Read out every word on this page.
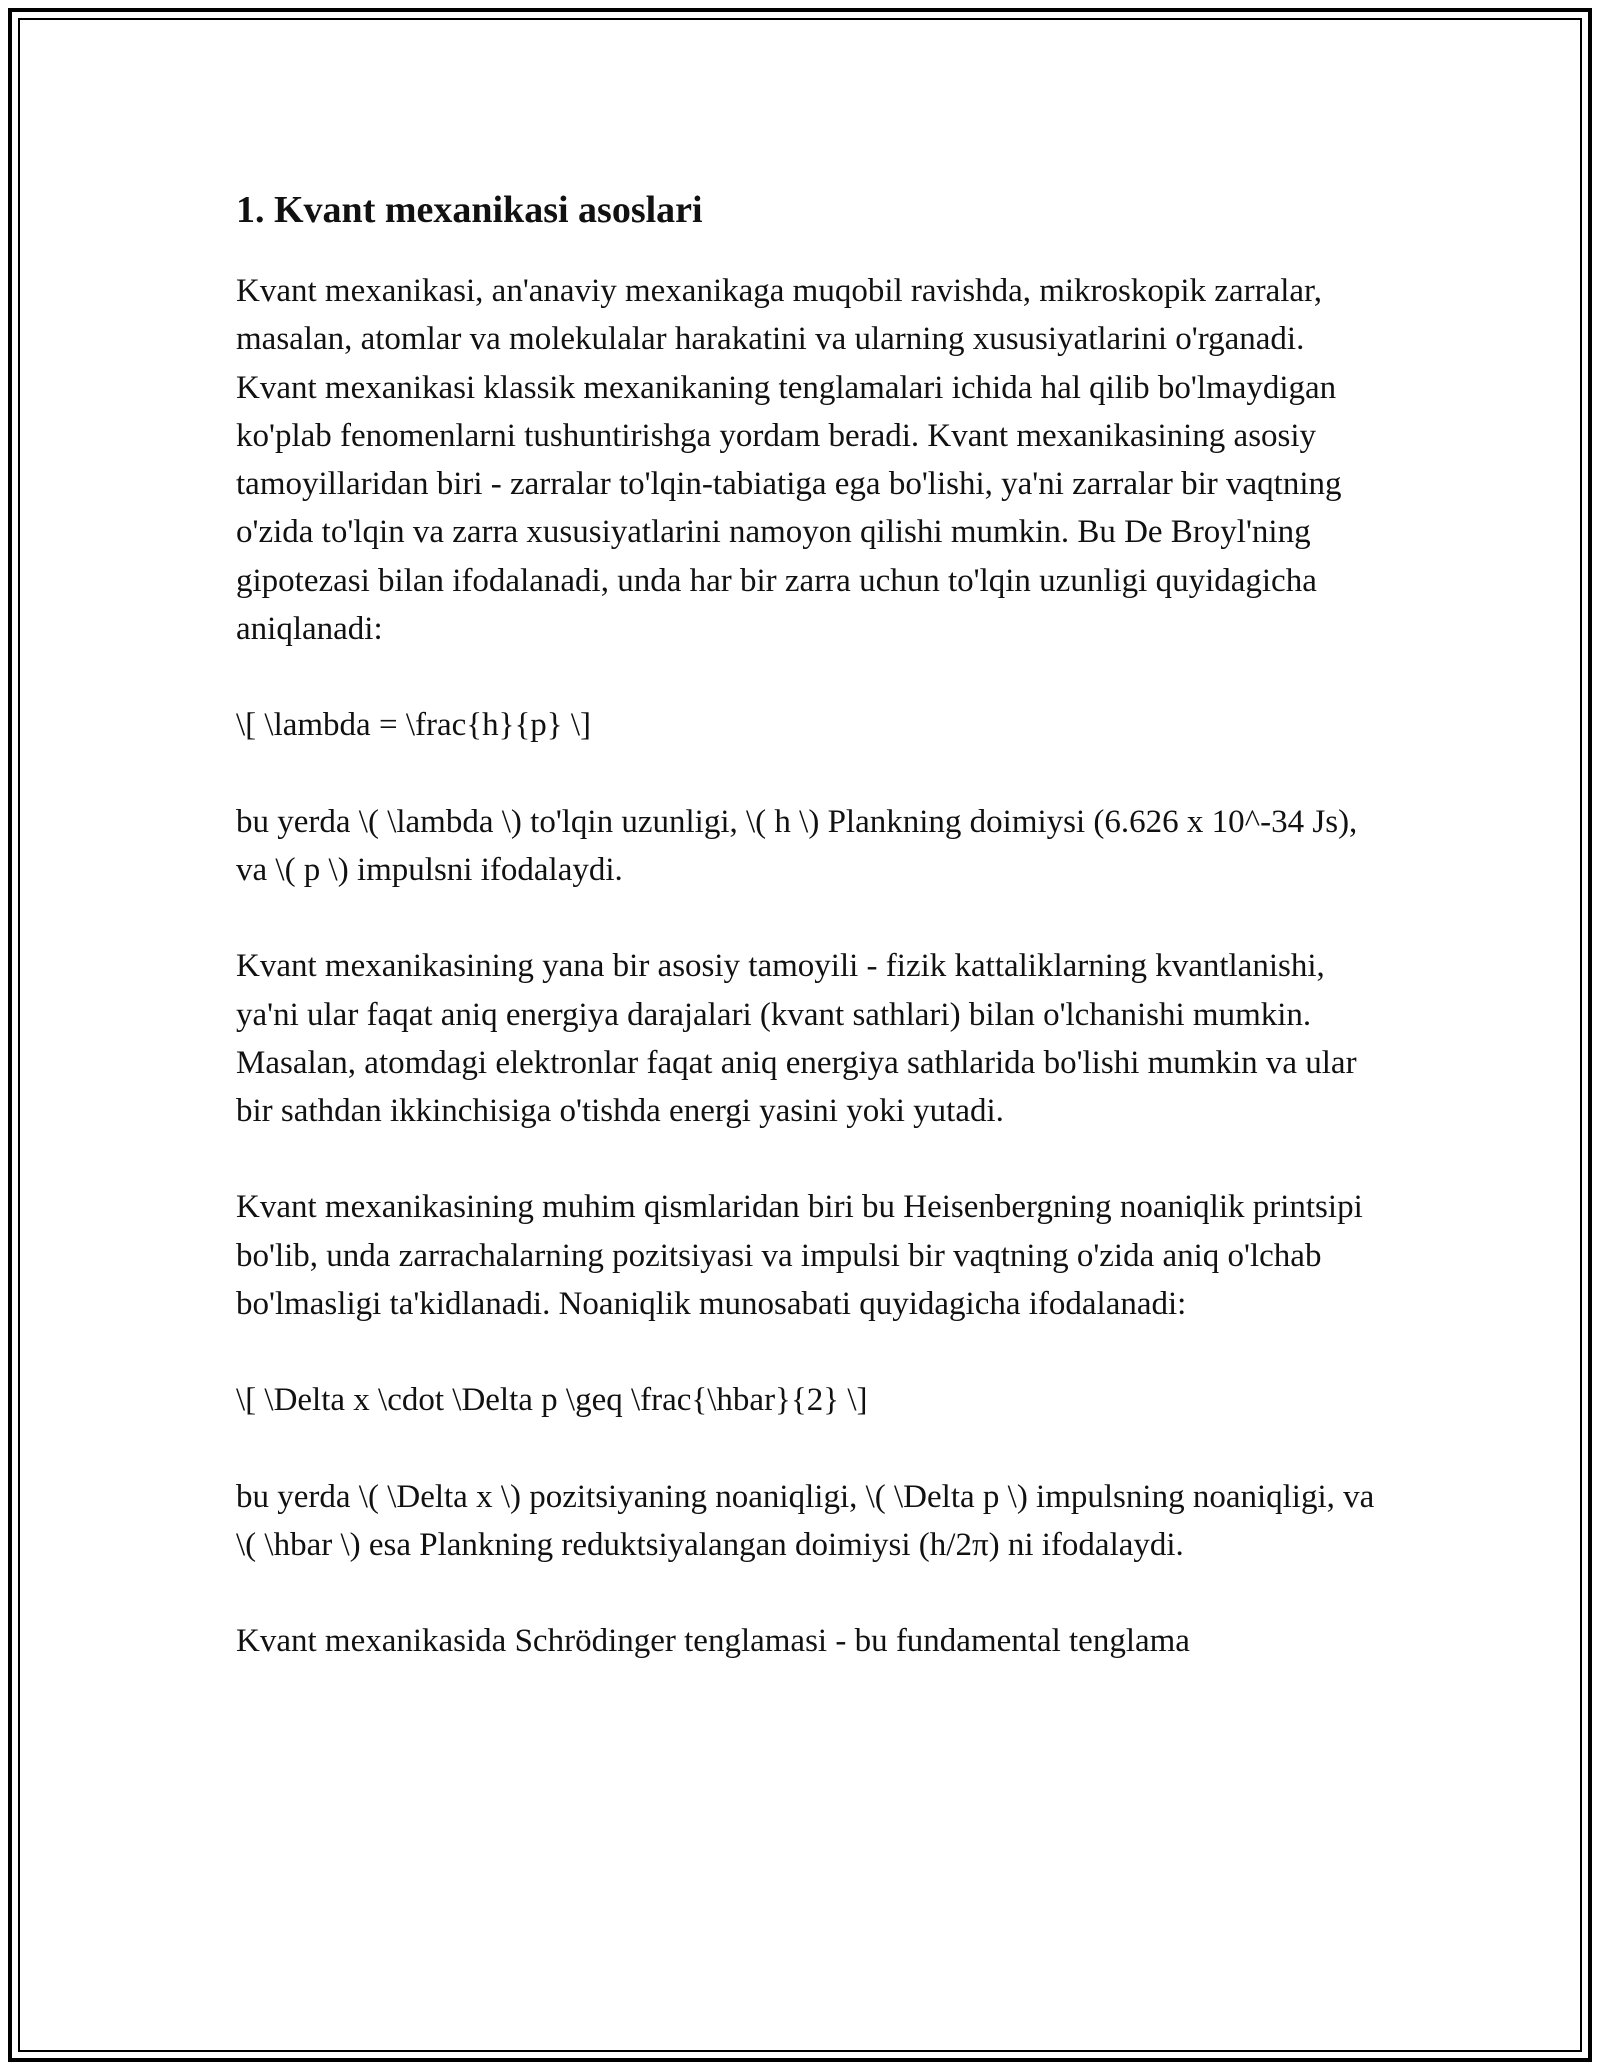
1. Kvant mexanikasi asoslari

Kvant mexanikasi, an'anaviy mexanikaga muqobil ravishda, mikroskopik zarralar, masalan, atomlar va molekulalar harakatini va ularning xususiyatlarini o'rganadi. Kvant mexanikasi klassik mexanikaning tenglamalari ichida hal qilib bo'lmaydigan ko'plab fenomenlarni tushuntirishga yordam beradi. Kvant mexanikasining asosiy tamoyillaridan biri - zarralar to'lqin-tabiatiga ega bo'lishi, ya'ni zarralar bir vaqtning o'zida to'lqin va zarra xususiyatlarini namoyon qilishi mumkin. Bu De Broyl'ning gipotezasi bilan ifodalanadi, unda har bir zarra uchun to'lqin uzunligi quyidagicha aniqlanadi:

\[ \lambda = \frac{h}{p} \]

bu yerda \( \lambda \) to'lqin uzunligi, \( h \) Plankning doimiysi (6.626 x 10^-34 Js), va \( p \) impulsni ifodalaydi.

Kvant mexanikasining yana bir asosiy tamoyili - fizik kattaliklarning kvantlanishi, ya'ni ular faqat aniq energiya darajalari (kvant sathlari) bilan o'lchanishi mumkin. Masalan, atomdagi elektronlar faqat aniq energiya sathlarida bo'lishi mumkin va ular bir sathdan ikkinchisiga o'tishda energi yasini yoki yutadi.

Kvant mexanikasining muhim qismlaridan biri bu Heisenbergning noaniqlik printsipi bo'lib, unda zarrachalarning pozitsiyasi va impulsi bir vaqtning o'zida aniq o'lchab bo'lmasligi ta'kidlanadi. Noaniqlik munosabati quyidagicha ifodalanadi:

\[ \Delta x \cdot \Delta p \geq \frac{\hbar}{2} \]

bu yerda \( \Delta x \) pozitsiyaning noaniqligi, \( \Delta p \) impulsning noaniqligi, va \( \hbar \) esa Plankning reduktsiyalangan doimiysi (h/2π) ni ifodalaydi.

Kvant mexanikasida Schrödinger tenglamasi - bu fundamental tenglama
